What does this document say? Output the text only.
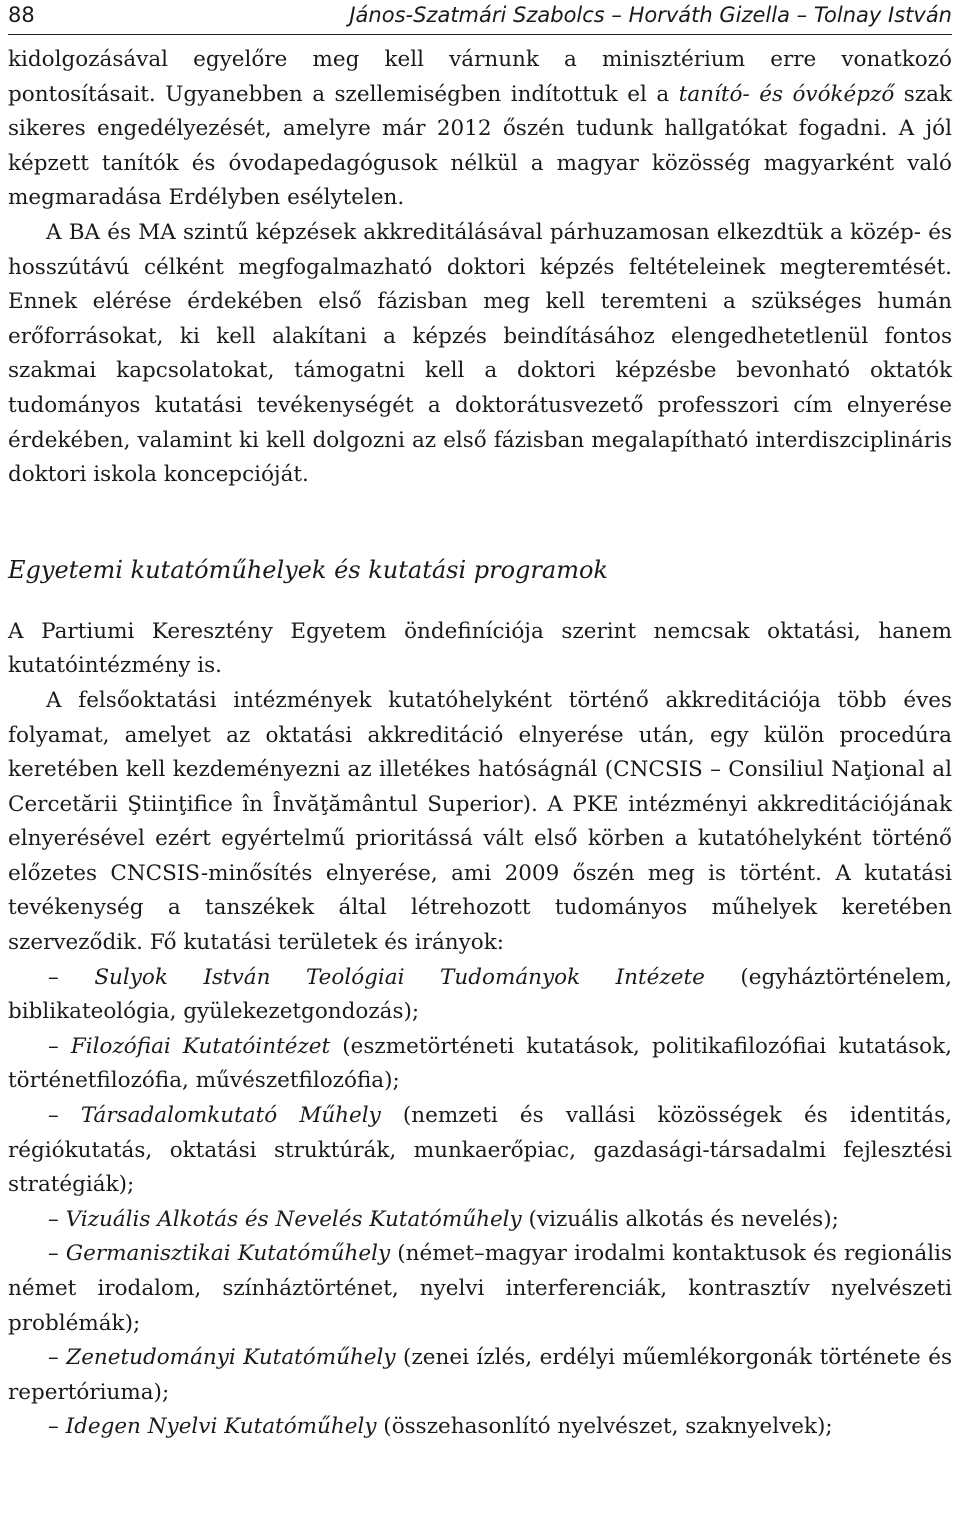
88	János-Szatmári Szabolcs – Horváth Gizella – Tolnay István

kidolgozásával egyelőre meg kell várnunk a minisztérium erre vonatkozó pontosításait. Ugyanebben a szellemiségben indítottuk el a tanító- és óvóképző szak sikeres engedélyezését, amelyre már 2012 őszén tudunk hallgatókat fogadni. A jól képzett tanítók és óvodapedagógusok nélkül a magyar közösség magyarként való megmaradása Erdélyben esélytelen.

A BA és MA szintű képzések akkreditálásával párhuzamosan elkezdtük a közép- és hosszútávú célként megfogalmazható doktori képzés feltételeinek megteremtését. Ennek elérése érdekében első fázisban meg kell teremteni a szükséges humán erőforrásokat, ki kell alakítani a képzés beindításához elengedhetetlenül fontos szakmai kapcsolatokat, támogatni kell a doktori képzésbe bevonható oktatók tudományos kutatási tevékenységét a doktorátusvezető professzori cím elnyerése érdekében, valamint ki kell dolgozni az első fázisban megalapítható interdiszciplináris doktori iskola koncepcióját.

Egyetemi kutatóműhelyek és kutatási programok

A Partiumi Keresztény Egyetem öndefiníciója szerint nemcsak oktatási, hanem kutatóintézmény is.

A felsőoktatási intézmények kutatóhelyként történő akkreditációja több éves folyamat, amelyet az oktatási akkreditáció elnyerése után, egy külön procedúra keretében kell kezdeményezni az illetékes hatóságnál (CNCSIS – Consiliul Naţional al Cercetării Ştiinţifice în Învăţământul Superior). A PKE intézményi akkreditációjának elnyerésével ezért egyértelmű prioritássá vált első körben a kutatóhelyként történő előzetes CNCSIS-minősítés elnyerése, ami 2009 őszén meg is történt. A kutatási tevékenység a tanszékek által létrehozott tudományos műhelyek keretében szerveződik. Fő kutatási területek és irányok:

– Sulyok István Teológiai Tudományok Intézete (egyháztörténelem, biblikateológia, gyülekezetgondozás);

– Filozófiai Kutatóintézet (eszmetörténeti kutatások, politikafilozófiai kutatások, történetfilozófia, művészetfilozófia);

– Társadalomkutató Műhely (nemzeti és vallási közösségek és identitás, régiókutatás, oktatási struktúrák, munkaerőpiac, gazdasági-társadalmi fejlesztési stratégiák);

– Vizuális Alkotás és Nevelés Kutatóműhely (vizuális alkotás és nevelés);

– Germanisztikai Kutatóműhely (német–magyar irodalmi kontaktusok és regionális német irodalom, színháztörténet, nyelvi interferenciák, kontrasztív nyelvészeti problémák);

– Zenetudományi Kutatóműhely (zenei ízlés, erdélyi műemlékorgonák története és repertóriuma);

– Idegen Nyelvi Kutatóműhely (összehasonlító nyelvészet, szaknyelvek);
